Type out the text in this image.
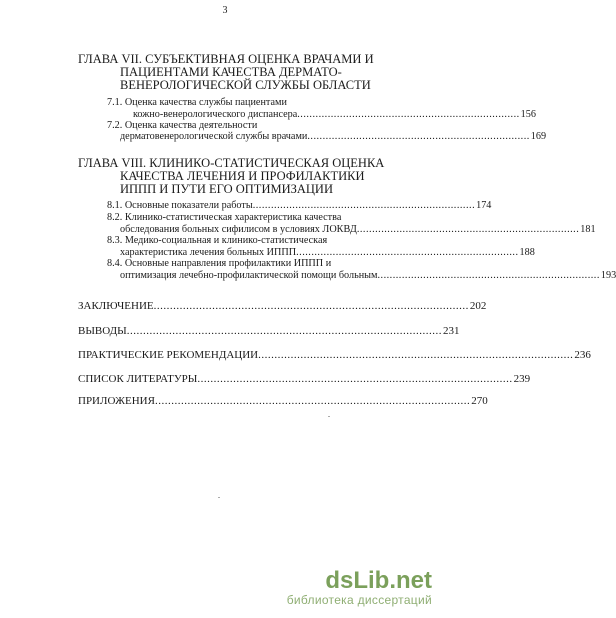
3
ГЛАВА VII. СУБЪЕКТИВНАЯ ОЦЕНКА ВРАЧАМИ И
ПАЦИЕНТАМИ КАЧЕСТВА ДЕРМАТО-
ВЕНЕРОЛОГИЧЕСКОЙ СЛУЖБЫ ОБЛАСТИ
7.1. Оценка качества службы пациентами
кожно-венерологического диспансера ......................................................................... 156
7.2. Оценка качества деятельности
дерматовенерологической службы врачами ......................................................................... 169
ГЛАВА VIII. КЛИНИКО-СТАТИСТИЧЕСКАЯ ОЦЕНКА
КАЧЕСТВА ЛЕЧЕНИЯ И ПРОФИЛАКТИКИ
ИППП И ПУТИ ЕГО ОПТИМИЗАЦИИ
8.1. Основные показатели работы ......................................................................... 174
8.2. Клинико-статистическая характеристика качества
обследования больных сифилисом в условиях ЛОКВД ......................................................................... 181
8.3. Медико-социальная и клинико-статистическая
характеристика лечения больных ИППП ......................................................................... 188
8.4. Основные направления профилактики ИППП и
оптимизация лечебно-профилактической помощи больным ......................................................................... 193
ЗАКЛЮЧЕНИЕ ................................................................................................. 202
ВЫВОДЫ ................................................................................................. 231
ПРАКТИЧЕСКИЕ РЕКОМЕНДАЦИИ ................................................................................................. 236
СПИСОК ЛИТЕРАТУРЫ ................................................................................................. 239
ПРИЛОЖЕНИЯ ................................................................................................. 270
.
.
dsLib.net
библиотека диссертаций
